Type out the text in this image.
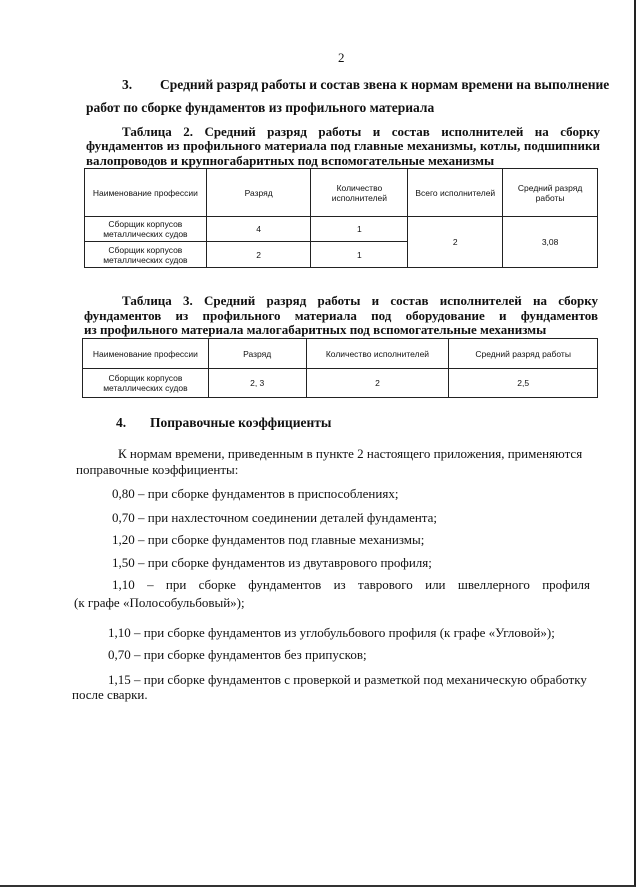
2
3. Средний разряд работы и состав звена к нормам времени на выполнение
работ по сборке фундаментов из профильного материала
Таблица 2. Средний разряд работы и состав исполнителей на сборку
фундаментов из профильного материала под главные механизмы, котлы, подшипники
валопроводов и крупногабаритных под вспомогательные механизмы
Наименование профессии	Разряд	Количество исполнителей	Всего исполнителей	Средний разряд работы
Сборщик корпусов металлических судов	4	1	2	3,08
Сборщик корпусов металлических судов	2	1		
Таблица 3. Средний разряд работы и состав исполнителей на сборку
фундаментов из профильного материала под оборудование и фундаментов
из профильного материала малогабаритных под вспомогательные механизмы
Наименование профессии	Разряд	Количество исполнителей	Средний разряд работы
Сборщик корпусов металлических судов	2, 3	2	2,5
4. Поправочные коэффициенты
К нормам времени, приведенным в пункте 2 настоящего приложения, применяются
поправочные коэффициенты:
0,80 – при сборке фундаментов в приспособлениях;
0,70 – при нахлесточном соединении деталей фундамента;
1,20 – при сборке фундаментов под главные механизмы;
1,50 – при сборке фундаментов из двутаврового профиля;
1,10 – при сборке фундаментов из таврового или швеллерного профиля
(к графе «Полособульбовый»);
1,10 – при сборке фундаментов из углобульбового профиля (к графе «Угловой»);
0,70 – при сборке фундаментов без припусков;
1,15 – при сборке фундаментов с проверкой и разметкой под механическую обработку
после сварки.
